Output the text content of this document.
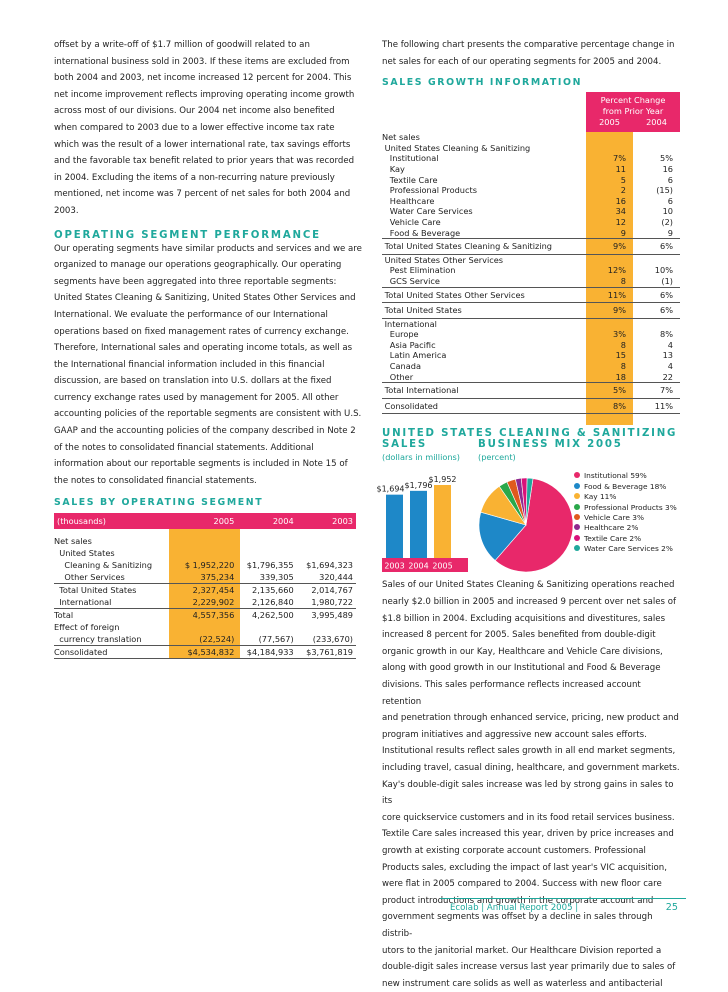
offset by a write-off of $1.7 million of goodwill related to an
international business sold in 2003. If these items are excluded from
both 2004 and 2003, net income increased 12 percent for 2004. This
net income improvement reflects improving operating income growth
across most of our divisions. Our 2004 net income also benefited
when compared to 2003 due to a lower effective income tax rate
which was the result of a lower international rate, tax savings efforts
and the favorable tax benefit related to prior years that was recorded
in 2004. Excluding the items of a non-recurring nature previously
mentioned, net income was 7 percent of net sales for both 2004 and
2003.
OPERATING SEGMENT PERFORMANCE
Our operating segments have similar products and services and we are
organized to manage our operations geographically. Our operating
segments have been aggregated into three reportable segments:
United States Cleaning & Sanitizing, United States Other Services and
International. We evaluate the performance of our International
operations based on fixed management rates of currency exchange.
Therefore, International sales and operating income totals, as well as
the International financial information included in this financial
discussion, are based on translation into U.S. dollars at the fixed
currency exchange rates used by management for 2005. All other
accounting policies of the reportable segments are consistent with U.S.
GAAP and the accounting policies of the company described in Note 2
of the notes to consolidated financial statements. Additional
information about our reportable segments is included in Note 15 of
the notes to consolidated financial statements.
SALES BY OPERATING SEGMENT
(thousands)	2005	2004	2003
Net sales			
United States			
Cleaning & Sanitizing	$ 1,952,220	$1,796,355	$1,694,323
Other Services	375,234	339,305	320,444
Total United States	2,327,454	2,135,660	2,014,767
International	2,229,902	2,126,840	1,980,722
Total	4,557,356	4,262,500	3,995,489
Effect of foreign			
currency translation	(22,524)	(77,567)	(233,670)
Consolidated	$4,534,832	$4,184,933	$3,761,819
The following chart presents the comparative percentage change in
net sales for each of our operating segments for 2005 and 2004.
SALES GROWTH INFORMATION
Percent Change
from Prior Year
2005	2004
Net sales		
United States Cleaning & Sanitizing		
Institutional	7%	5%
Kay	11	16
Textile Care	5	6
Professional Products	2	(15)
Healthcare	16	6
Water Care Services	34	10
Vehicle Care	12	(2)
Food & Beverage	9	9
Total United States Cleaning & Sanitizing	9%	6%
United States Other Services		
Pest Elimination	12%	10%
GCS Service	8	(1)
Total United States Other Services	11%	6%
Total United States	9%	6%
International		
Europe	3%	8%
Asia Pacific	8	4
Latin America	15	13
Canada	8	4
Other	18	22
Total International	5%	7%
Consolidated	8%	11%
UNITED STATES CLEANING & SANITIZING
SALES	BUSINESS MIX 2005
(dollars in millions) (percent)
$1,694 $1,796
$1,952
2003 2004 2005
Institutional 59%
Food & Beverage 18%
Kay 11%
Professional Products 3%
Vehicle Care 3%
Healthcare 2%
Textile Care 2%
Water Care Services 2%
Sales of our United States Cleaning & Sanitizing operations reached
nearly $2.0 billion in 2005 and increased 9 percent over net sales of
$1.8 billion in 2004. Excluding acquisitions and divestitures, sales
increased 8 percent for 2005. Sales benefited from double-digit
organic growth in our Kay, Healthcare and Vehicle Care divisions,
along with good growth in our Institutional and Food & Beverage
divisions. This sales performance reflects increased account retention
and penetration through enhanced service, pricing, new product and
program initiatives and aggressive new account sales efforts.
Institutional results reflect sales growth in all end market segments,
including travel, casual dining, healthcare, and government markets.
Kay's double-digit sales increase was led by strong gains in sales to its
core quickservice customers and in its food retail services business.
Textile Care sales increased this year, driven by price increases and
growth at existing corporate account customers. Professional
Products sales, excluding the impact of last year's VIC acquisition,
were flat in 2005 compared to 2004. Success with new floor care
product introductions and growth in the corporate account and
government segments was offset by a decline in sales through distrib-
utors to the janitorial market. Our Healthcare Division reported a
double-digit sales increase versus last year primarily due to sales of
new instrument care solids as well as waterless and antibacterial
Ecolab | Annual Report 2005 |	25
